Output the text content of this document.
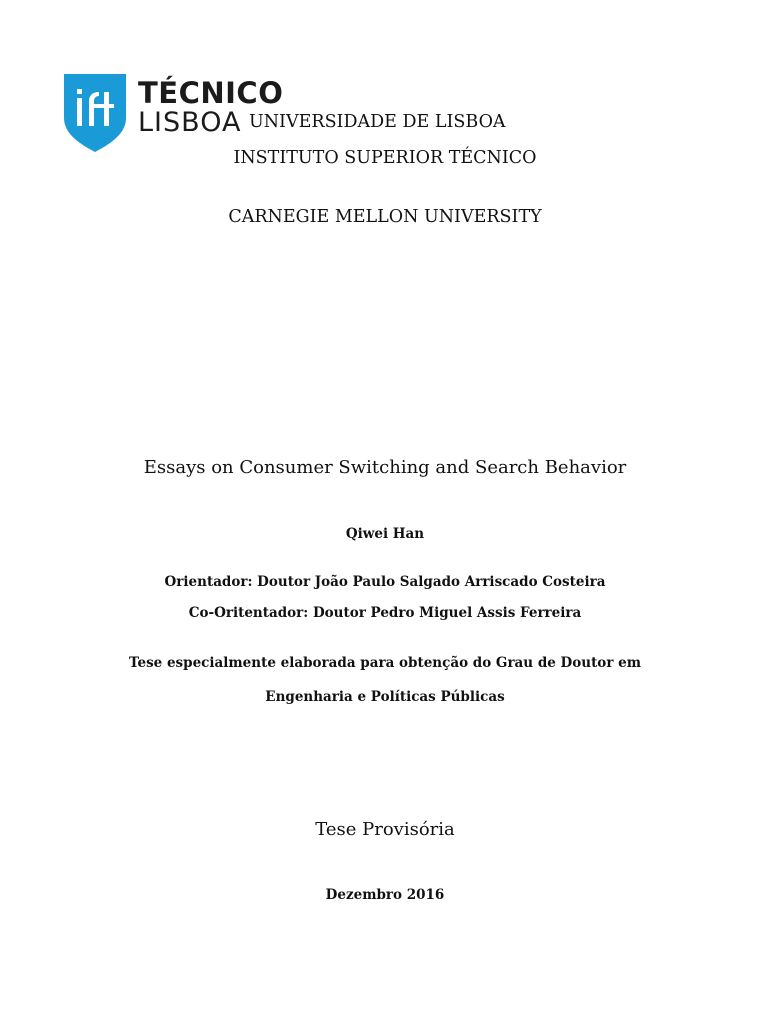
TÉCNICO
LISBOA UNIVERSIDADE DE LISBOA
INSTITUTO SUPERIOR TÉCNICO
CARNEGIE MELLON UNIVERSITY
Essays on Consumer Switching and Search Behavior
Qiwei Han
Orientador: Doutor João Paulo Salgado Arriscado Costeira
Co-Oritentador: Doutor Pedro Miguel Assis Ferreira
Tese especialmente elaborada para obtenção do Grau de Doutor em
Engenharia e Políticas Públicas
Tese Provisória
Dezembro 2016
